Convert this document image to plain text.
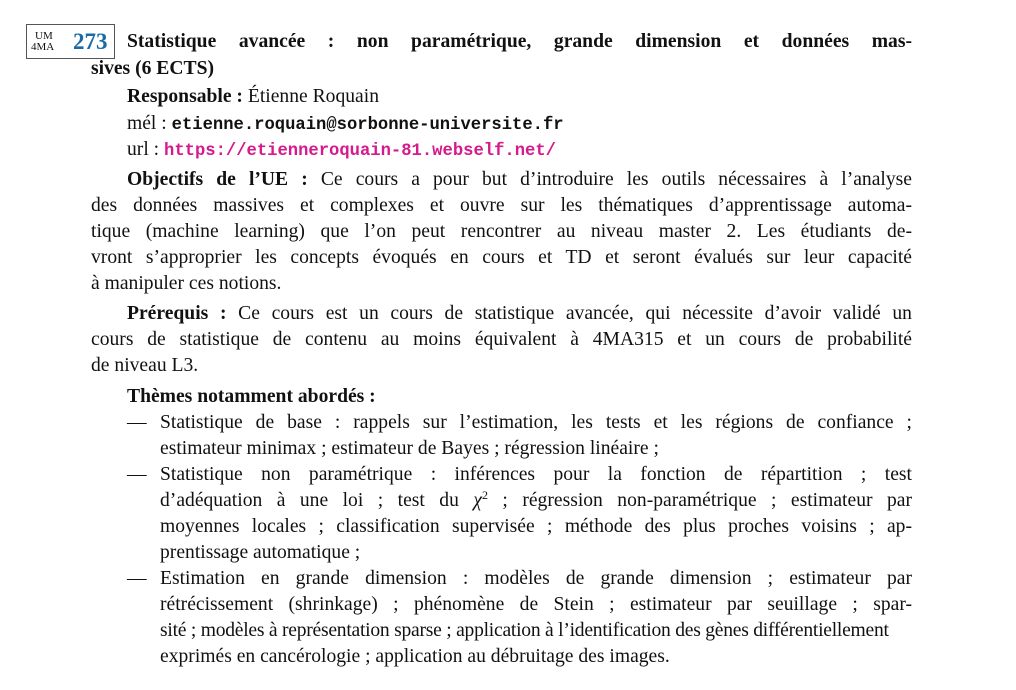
UM
4MA 273 Statistique avancée : non paramétrique, grande dimension et données mas-
sives (6 ECTS)
Responsable : Étienne Roquain
mél : etienne.roquain@sorbonne-universite.fr
url : https://etienneroquain-81.webself.net/
Objectifs de l’UE : Ce cours a pour but d’introduire les outils nécessaires à l’analyse
des données massives et complexes et ouvre sur les thématiques d’apprentissage automa-
tique (machine learning) que l’on peut rencontrer au niveau master 2. Les étudiants de-
vront s’approprier les concepts évoqués en cours et TD et seront évalués sur leur capacité
à manipuler ces notions.
Prérequis : Ce cours est un cours de statistique avancée, qui nécessite d’avoir validé un
cours de statistique de contenu au moins équivalent à 4MA315 et un cours de probabilité
de niveau L3.
Thèmes notamment abordés :
— Statistique de base : rappels sur l’estimation, les tests et les régions de confiance ;
estimateur minimax ; estimateur de Bayes ; régression linéaire ;
— Statistique non paramétrique : inférences pour la fonction de répartition ; test
d’adéquation à une loi ; test du $\chi^2$ ; régression non-paramétrique ; estimateur par
moyennes locales ; classification supervisée ; méthode des plus proches voisins ; ap-
prentissage automatique ;
— Estimation en grande dimension : modèles de grande dimension ; estimateur par
rétrécissement (shrinkage) ; phénomène de Stein ; estimateur par seuillage ; spar-
sité ; modèles à représentation sparse ; application à l’identification des gènes différentiellement
exprimés en cancérologie ; application au débruitage des images.
